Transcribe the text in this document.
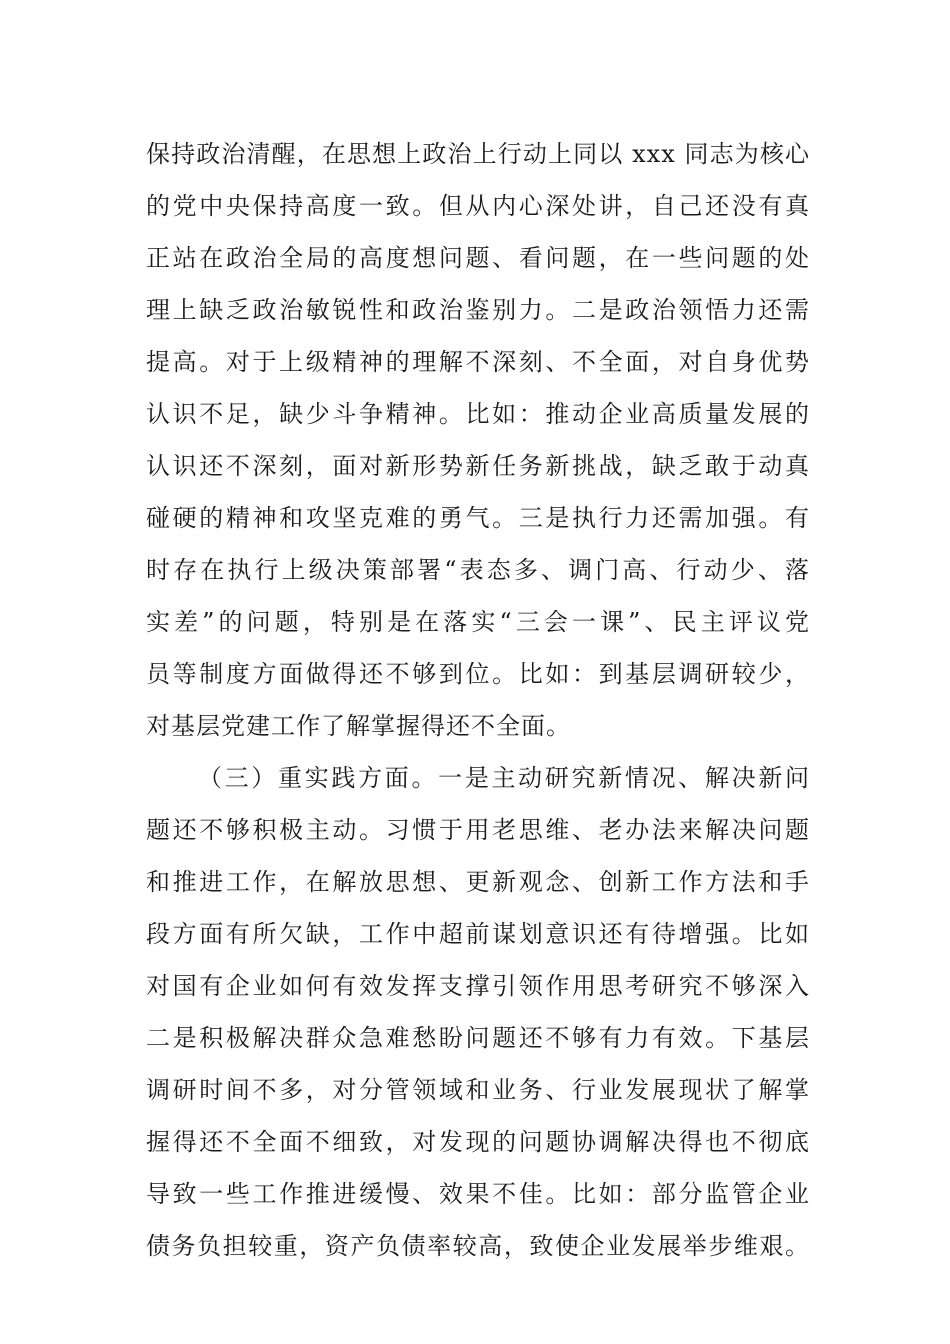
保持政治清醒，在思想上政治上行动上同以 xxx 同志为核心
的党中央保持高度一致。但从内心深处讲，自己还没有真
正站在政治全局的高度想问题、看问题，在一些问题的处
理上缺乏政治敏锐性和政治鉴别力。二是政治领悟力还需
提高。对于上级精神的理解不深刻、不全面，对自身优势
认识不足，缺少斗争精神。比如：推动企业高质量发展的
认识还不深刻，面对新形势新任务新挑战，缺乏敢于动真
碰硬的精神和攻坚克难的勇气。三是执行力还需加强。有
时存在执行上级决策部署“表态多、调门高、行动少、落
实差”的问题，特别是在落实“三会一课”、民主评议党
员等制度方面做得还不够到位。比如：到基层调研较少，
对基层党建工作了解掌握得还不全面。
（三）重实践方面。一是主动研究新情况、解决新问
题还不够积极主动。习惯于用老思维、老办法来解决问题
和推进工作，在解放思想、更新观念、创新工作方法和手
段方面有所欠缺，工作中超前谋划意识还有待增强。比如
对国有企业如何有效发挥支撑引领作用思考研究不够深入
二是积极解决群众急难愁盼问题还不够有力有效。下基层
调研时间不多，对分管领域和业务、行业发展现状了解掌
握得还不全面不细致，对发现的问题协调解决得也不彻底
导致一些工作推进缓慢、效果不佳。比如：部分监管企业
债务负担较重，资产负债率较高，致使企业发展举步维艰。
